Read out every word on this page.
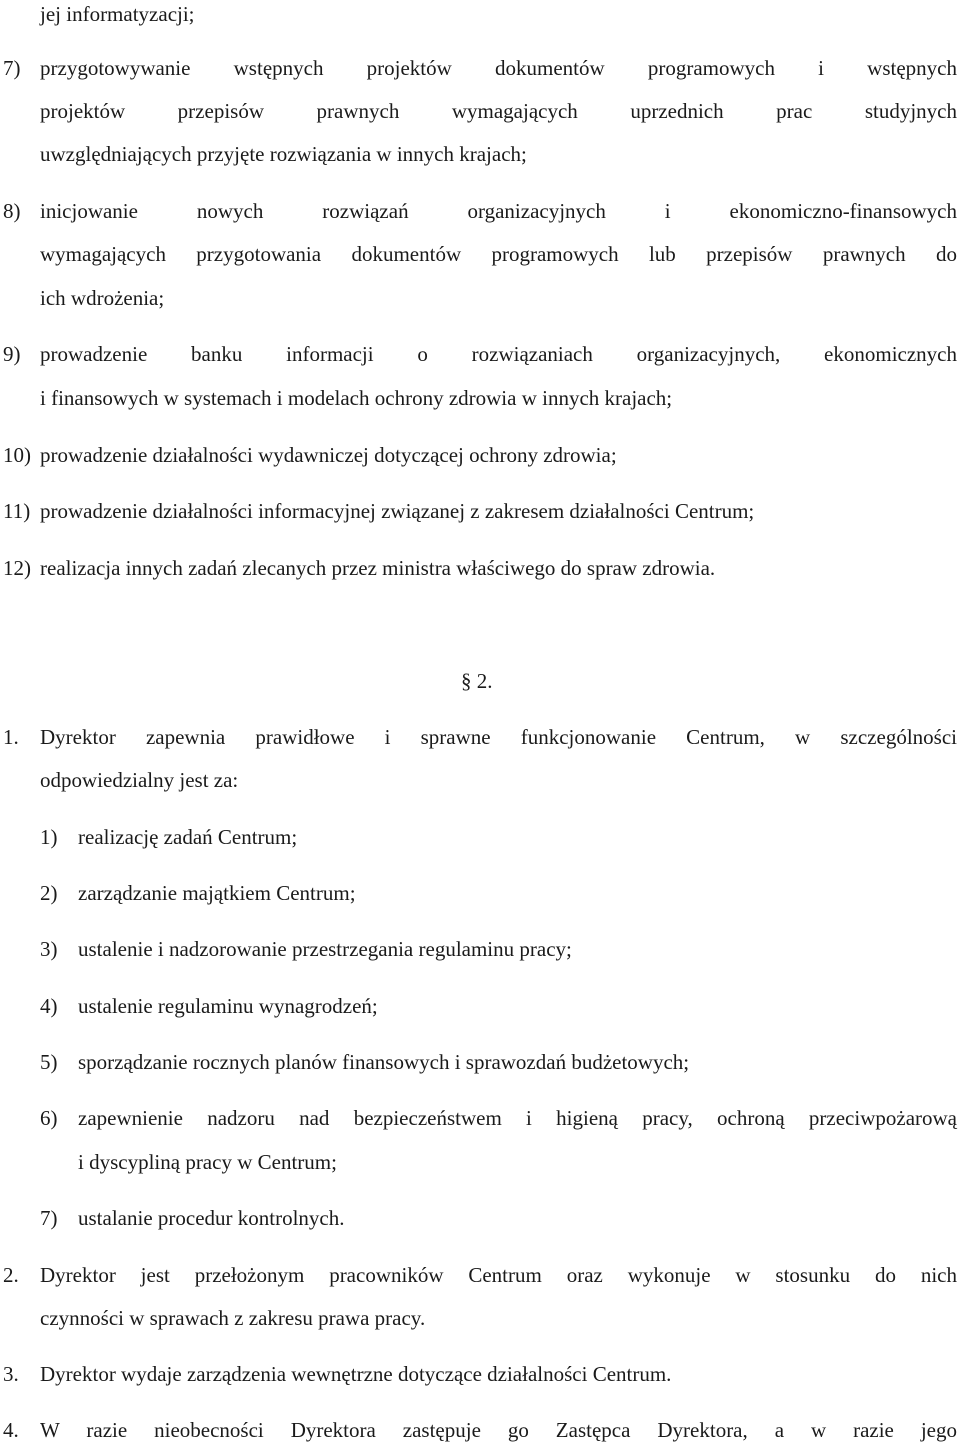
jej informatyzacji;
7) przygotowywanie wstępnych projektów dokumentów programowych i wstępnych
projektów przepisów prawnych wymagających uprzednich prac studyjnych
uwzględniających przyjęte rozwiązania w innych krajach;
8) inicjowanie nowych rozwiązań organizacyjnych i ekonomiczno-finansowych
wymagających przygotowania dokumentów programowych lub przepisów prawnych do
ich wdrożenia;
9) prowadzenie banku informacji o rozwiązaniach organizacyjnych, ekonomicznych
i finansowych w systemach i modelach ochrony zdrowia w innych krajach;
10) prowadzenie działalności wydawniczej dotyczącej ochrony zdrowia;
11) prowadzenie działalności informacyjnej związanej z zakresem działalności Centrum;
12) realizacja innych zadań zlecanych przez ministra właściwego do spraw zdrowia.
§ 2.
1. Dyrektor zapewnia prawidłowe i sprawne funkcjonowanie Centrum, w szczególności
odpowiedzialny jest za:
1) realizację zadań Centrum;
2) zarządzanie majątkiem Centrum;
3) ustalenie i nadzorowanie przestrzegania regulaminu pracy;
4) ustalenie regulaminu wynagrodzeń;
5) sporządzanie rocznych planów finansowych i sprawozdań budżetowych;
6) zapewnienie nadzoru nad bezpieczeństwem i higieną pracy, ochroną przeciwpożarową
i dyscypliną pracy w Centrum;
7) ustalanie procedur kontrolnych.
2. Dyrektor jest przełożonym pracowników Centrum oraz wykonuje w stosunku do nich
czynności w sprawach z zakresu prawa pracy.
3. Dyrektor wydaje zarządzenia wewnętrzne dotyczące działalności Centrum.
4. W razie nieobecności Dyrektora zastępuje go Zastępca Dyrektora, a w razie jego
